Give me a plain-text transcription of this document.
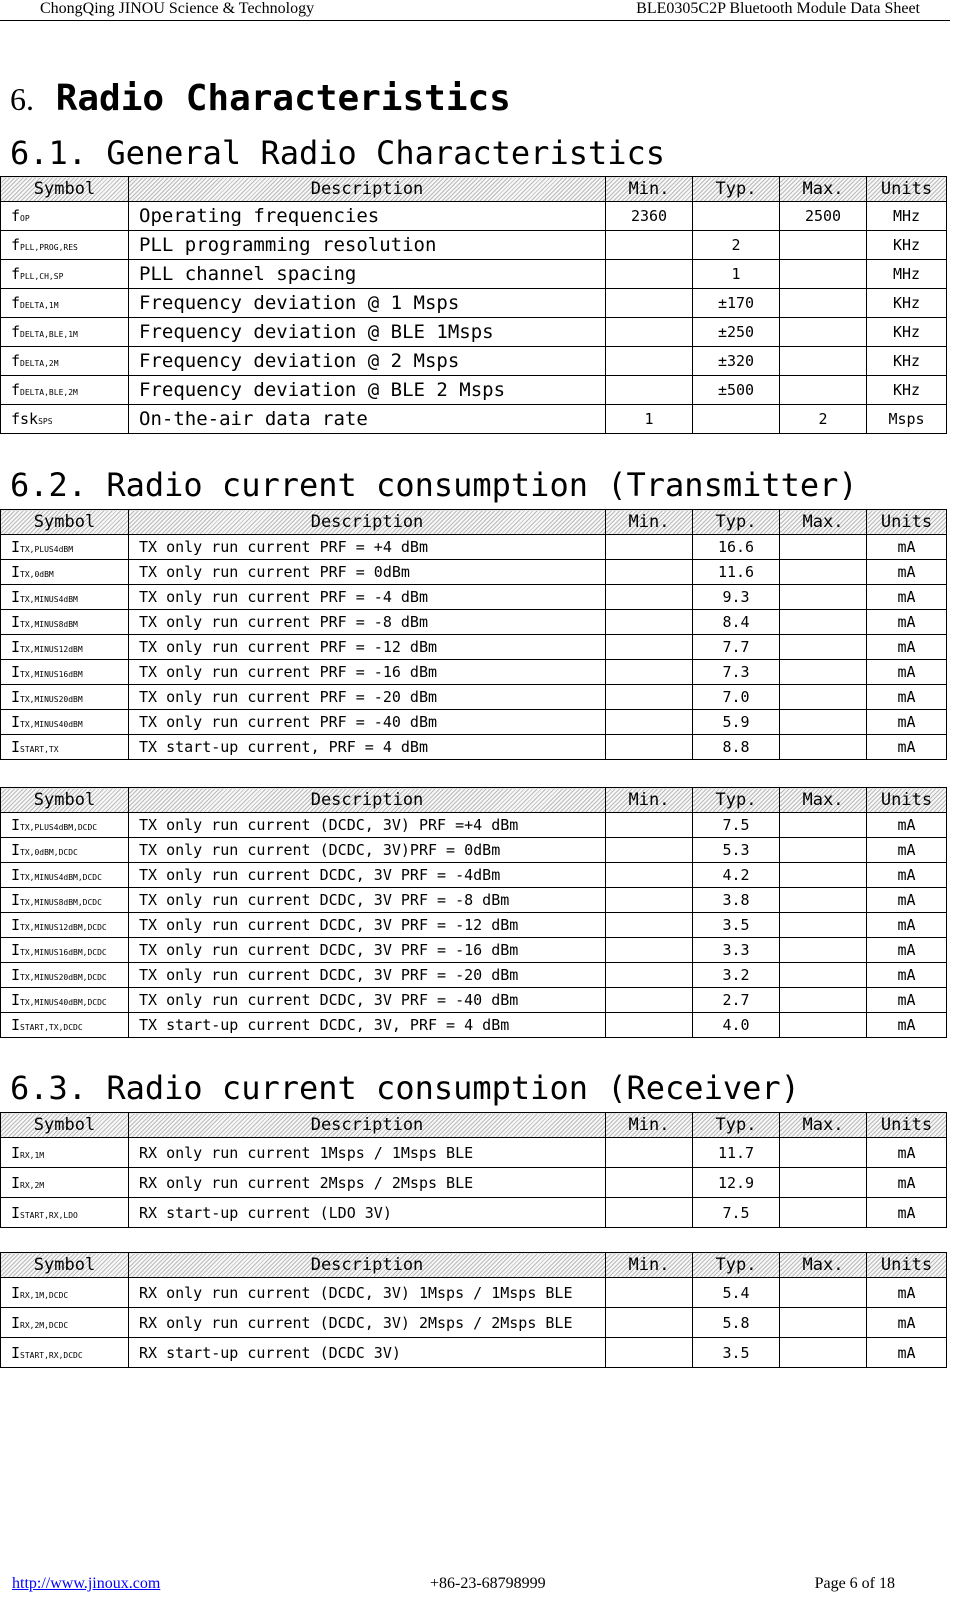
ChongQing JINOU Science & Technology	BLE0305C2P Bluetooth Module Data Sheet
6. Radio Characteristics
6.1. General Radio Characteristics
Symbol	Description	Min.	Typ.	Max.	Units
fOP	Operating frequencies	2360		2500	MHz
fPLL,PROG,RES	PLL programming resolution		2		KHz
fPLL,CH,SP	PLL channel spacing		1		MHz
fDELTA,1M	Frequency deviation @ 1 Msps		±170		KHz
fDELTA,BLE,1M	Frequency deviation @ BLE 1Msps		±250		KHz
fDELTA,2M	Frequency deviation @ 2 Msps		±320		KHz
fDELTA,BLE,2M	Frequency deviation @ BLE 2 Msps		±500		KHz
fskSPS	On-the-air data rate	1		2	Msps
6.2. Radio current consumption (Transmitter)
Symbol	Description	Min.	Typ.	Max.	Units
ITX,PLUS4dBM	TX only run current PRF = +4 dBm		16.6		mA
ITX,0dBM	TX only run current PRF = 0dBm		11.6		mA
ITX,MINUS4dBM	TX only run current PRF = -4 dBm		9.3		mA
ITX,MINUS8dBM	TX only run current PRF = -8 dBm		8.4		mA
ITX,MINUS12dBM	TX only run current PRF = -12 dBm		7.7		mA
ITX,MINUS16dBM	TX only run current PRF = -16 dBm		7.3		mA
ITX,MINUS20dBM	TX only run current PRF = -20 dBm		7.0		mA
ITX,MINUS40dBM	TX only run current PRF = -40 dBm		5.9		mA
ISTART,TX	TX start-up current, PRF = 4 dBm		8.8		mA
Symbol	Description	Min.	Typ.	Max.	Units
ITX,PLUS4dBM,DCDC	TX only run current (DCDC, 3V) PRF =+4 dBm		7.5		mA
ITX,0dBM,DCDC	TX only run current (DCDC, 3V)PRF = 0dBm		5.3		mA
ITX,MINUS4dBM,DCDC	TX only run current DCDC, 3V PRF = -4dBm		4.2		mA
ITX,MINUS8dBM,DCDC	TX only run current DCDC, 3V PRF = -8 dBm		3.8		mA
ITX,MINUS12dBM,DCDC	TX only run current DCDC, 3V PRF = -12 dBm		3.5		mA
ITX,MINUS16dBM,DCDC	TX only run current DCDC, 3V PRF = -16 dBm		3.3		mA
ITX,MINUS20dBM,DCDC	TX only run current DCDC, 3V PRF = -20 dBm		3.2		mA
ITX,MINUS40dBM,DCDC	TX only run current DCDC, 3V PRF = -40 dBm		2.7		mA
ISTART,TX,DCDC	TX start-up current DCDC, 3V, PRF = 4 dBm		4.0		mA
6.3. Radio current consumption (Receiver)
Symbol	Description	Min.	Typ.	Max.	Units
IRX,1M	RX only run current 1Msps / 1Msps BLE		11.7		mA
IRX,2M	RX only run current 2Msps / 2Msps BLE		12.9		mA
ISTART,RX,LDO	RX start-up current (LDO 3V)		7.5		mA
Symbol	Description	Min.	Typ.	Max.	Units
IRX,1M,DCDC	RX only run current (DCDC, 3V) 1Msps / 1Msps BLE		5.4		mA
IRX,2M,DCDC	RX only run current (DCDC, 3V) 2Msps / 2Msps BLE		5.8		mA
ISTART,RX,DCDC	RX start-up current (DCDC 3V)		3.5		mA
http://www.jinoux.com	+86-23-68798999	Page 6 of 18
